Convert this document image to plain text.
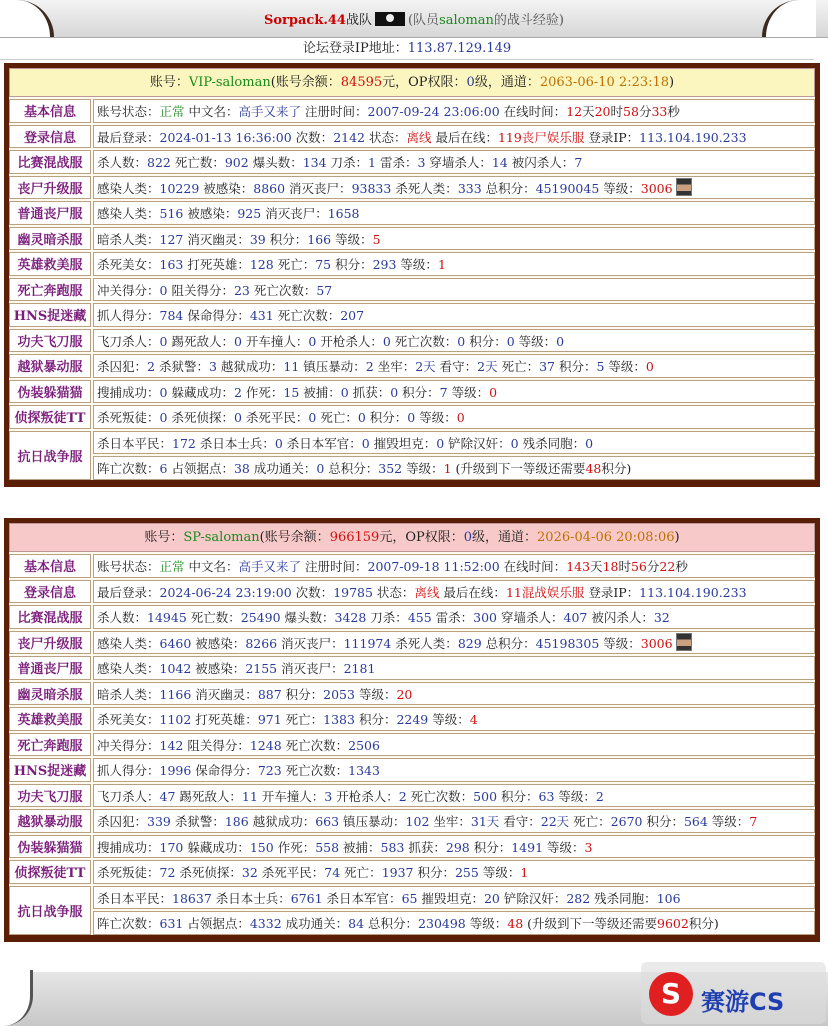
Sorpack.44战队	(队员saloman的战斗经验)
论坛登录IP地址：113.87.129.149
账号：VIP-saloman(账号余额：84595元，OP权限：0级，通道：2063-06-10 2:23:18)
基本信息	账号状态：正常 中文名：高手又来了 注册时间：2007-09-24 23:06:00 在线时间：12天20时58分33秒
登录信息	最后登录：2024-01-13 16:36:00 次数：2142 状态：离线 最后在线：119丧尸娱乐服 登录IP：113.104.190.233
比赛混战服	杀人数：822 死亡数：902 爆头数：134 刀杀：1 雷杀：3 穿墙杀人：14 被闪杀人：7
丧尸升级服	感染人类：10229 被感染：8860 消灭丧尸：93833 杀死人类：333 总积分：45190045 等级：3006
普通丧尸服	感染人类：516 被感染：925 消灭丧尸：1658
幽灵暗杀服	暗杀人类：127 消灭幽灵：39 积分：166 等级：5
英雄救美服	杀死美女：163 打死英雄：128 死亡：75 积分：293 等级：1
死亡奔跑服	冲关得分：0 阻关得分：23 死亡次数：57
HNS捉迷藏 抓人得分：784 保命得分：431 死亡次数：207
功夫飞刀服	飞刀杀人：0 踢死敌人：0 开车撞人：0 开枪杀人：0 死亡次数：0 积分：0 等级：0
越狱暴动服	杀囚犯：2 杀狱警：3 越狱成功：11 镇压暴动：2 坐牢：2天 看守：2天 死亡：37 积分：5 等级：0
伪装躲猫猫	搜捕成功：0 躲藏成功：2 作死：15 被捕：0 抓获：0 积分：7 等级：0
侦探叛徒TT 杀死叛徒：0 杀死侦探：0 杀死平民：0 死亡：0 积分：0 等级：0
抗日战争服
杀日本平民：172 杀日本士兵：0 杀日本军官：0 摧毁坦克：0 铲除汉奸：0 残杀同胞：0
阵亡次数：6 占领据点：38 成功通关：0 总积分：352 等级：1 (升级到下一等级还需要48积分)
账号：SP-saloman(账号余额：966159元，OP权限：0级，通道：2026-04-06 20:08:06)
基本信息	账号状态：正常 中文名：高手又来了 注册时间：2007-09-18 11:52:00 在线时间：143天18时56分22秒
登录信息	最后登录：2024-06-24 23:19:00 次数：19785 状态：离线 最后在线：11混战娱乐服 登录IP：113.104.190.233
比赛混战服	杀人数：14945 死亡数：25490 爆头数：3428 刀杀：455 雷杀：300 穿墙杀人：407 被闪杀人：32
丧尸升级服	感染人类：6460 被感染：8266 消灭丧尸：111974 杀死人类：829 总积分：45198305 等级：3006
普通丧尸服	感染人类：1042 被感染：2155 消灭丧尸：2181
幽灵暗杀服	暗杀人类：1166 消灭幽灵：887 积分：2053 等级：20
英雄救美服	杀死美女：1102 打死英雄：971 死亡：1383 积分：2249 等级：4
死亡奔跑服	冲关得分：142 阻关得分：1248 死亡次数：2506
HNS捉迷藏 抓人得分：1996 保命得分：723 死亡次数：1343
功夫飞刀服	飞刀杀人：47 踢死敌人：11 开车撞人：3 开枪杀人：2 死亡次数：500 积分：63 等级：2
越狱暴动服	杀囚犯：339 杀狱警：186 越狱成功：663 镇压暴动：102 坐牢：31天 看守：22天 死亡：2670 积分：564 等级：7
伪装躲猫猫	搜捕成功：170 躲藏成功：150 作死：558 被捕：583 抓获：298 积分：1491 等级：3
侦探叛徒TT 杀死叛徒：72 杀死侦探：32 杀死平民：74 死亡：1937 积分：255 等级：1
抗日战争服
杀日本平民：18637 杀日本士兵：6761 杀日本军官：65 摧毁坦克：20 铲除汉奸：282 残杀同胞：106
阵亡次数：631 占领据点：4332 成功通关：84 总积分：230498 等级：48 (升级到下一等级还需要9602积分)
S 赛游CS
